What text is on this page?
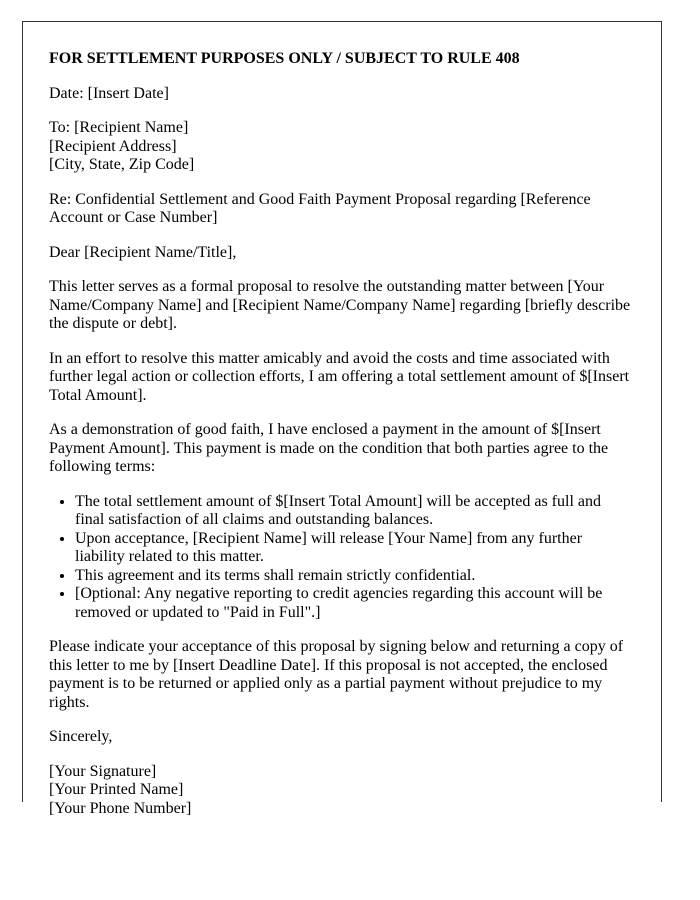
FOR SETTLEMENT PURPOSES ONLY / SUBJECT TO RULE 408

Date: [Insert Date]

To: [Recipient Name]
[Recipient Address]
[City, State, Zip Code]

Re: Confidential Settlement and Good Faith Payment Proposal regarding [Reference Account or Case Number]

Dear [Recipient Name/Title],

This letter serves as a formal proposal to resolve the outstanding matter between [Your Name/Company Name] and [Recipient Name/Company Name] regarding [briefly describe the dispute or debt].

In an effort to resolve this matter amicably and avoid the costs and time associated with further legal action or collection efforts, I am offering a total settlement amount of $[Insert Total Amount].

As a demonstration of good faith, I have enclosed a payment in the amount of $[Insert Payment Amount]. This payment is made on the condition that both parties agree to the following terms:

• The total settlement amount of $[Insert Total Amount] will be accepted as full and final satisfaction of all claims and outstanding balances.
• Upon acceptance, [Recipient Name] will release [Your Name] from any further liability related to this matter.
• This agreement and its terms shall remain strictly confidential.
• [Optional: Any negative reporting to credit agencies regarding this account will be removed or updated to "Paid in Full".]

Please indicate your acceptance of this proposal by signing below and returning a copy of this letter to me by [Insert Deadline Date]. If this proposal is not accepted, the enclosed payment is to be returned or applied only as a partial payment without prejudice to my rights.

Sincerely,

[Your Signature]
[Your Printed Name]
[Your Phone Number]
